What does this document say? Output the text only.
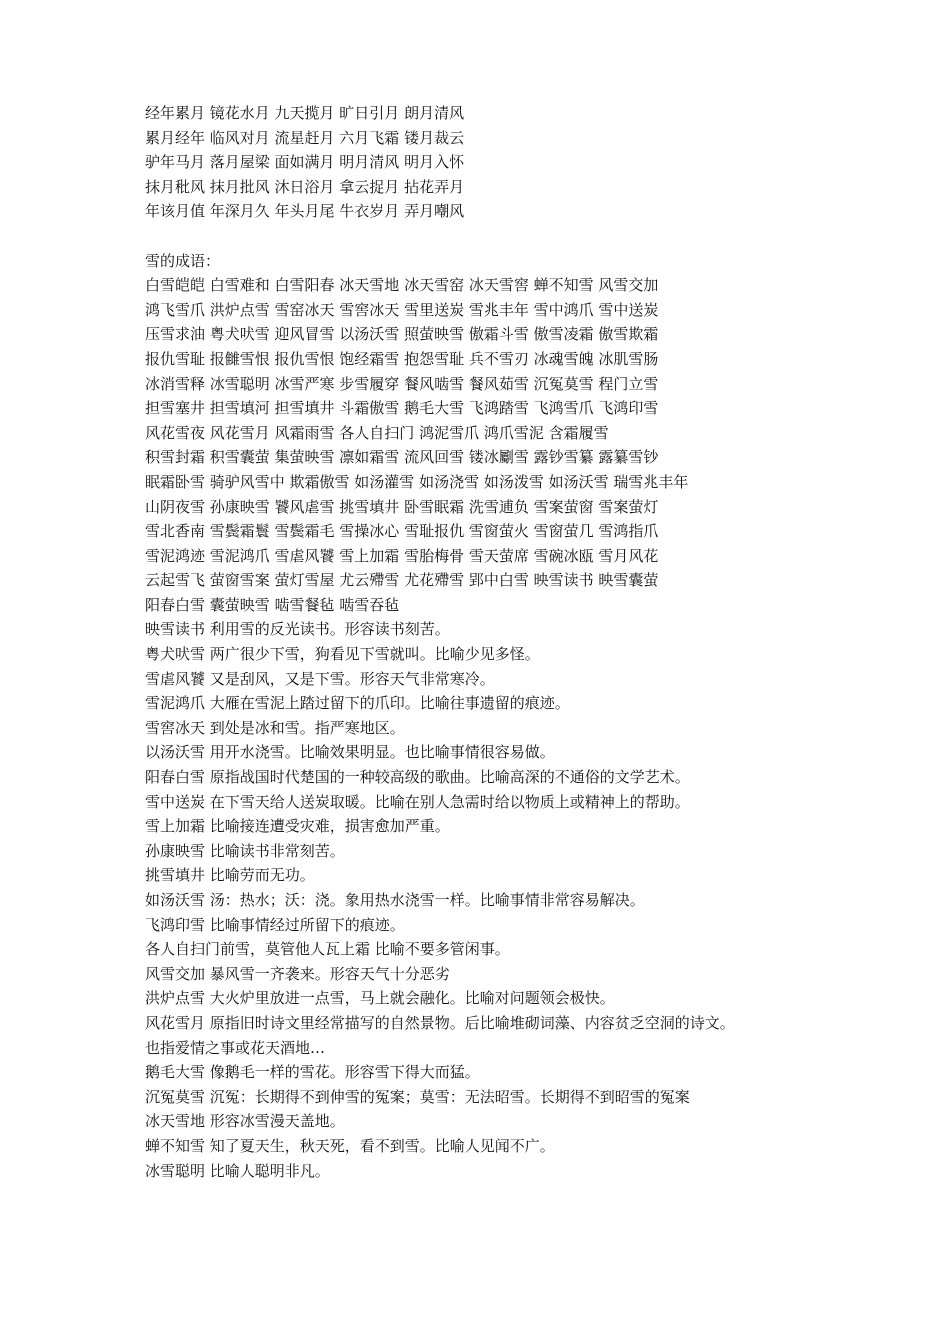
经年累月 镜花水月 九天揽月 旷日引月 朗月清风
累月经年 临风对月 流星赶月 六月飞霜 镂月裁云
驴年马月 落月屋梁 面如满月 明月清风 明月入怀
抹月秕风 抹月批风 沐日浴月 拿云捉月 拈花弄月
年该月值 年深月久 年头月尾 牛衣岁月 弄月嘲风
雪的成语：
白雪皑皑 白雪难和 白雪阳春 冰天雪地 冰天雪窑 冰天雪窖 蝉不知雪 风雪交加
鸿飞雪爪 洪炉点雪 雪窑冰天 雪窖冰天 雪里送炭 雪兆丰年 雪中鸿爪 雪中送炭
压雪求油 粤犬吠雪 迎风冒雪 以汤沃雪 照萤映雪 傲霜斗雪 傲雪凌霜 傲雪欺霜
报仇雪耻 报雠雪恨 报仇雪恨 饱经霜雪 抱怨雪耻 兵不雪刃 冰魂雪魄 冰肌雪肠
冰消雪释 冰雪聪明 冰雪严寒 步雪履穿 餐风啮雪 餐风茹雪 沉冤莫雪 程门立雪
担雪塞井 担雪填河 担雪填井 斗霜傲雪 鹅毛大雪 飞鸿踏雪 飞鸿雪爪 飞鸿印雪
风花雪夜 风花雪月 风霜雨雪 各人自扫门 鸿泥雪爪 鸿爪雪泥 含霜履雪
积雪封霜 积雪囊萤 集萤映雪 凛如霜雪 流风回雪 镂冰劚雪 露钞雪纂 露纂雪钞
眠霜卧雪 骑驴风雪中 欺霜傲雪 如汤灌雪 如汤浇雪 如汤泼雪 如汤沃雪 瑞雪兆丰年
山阴夜雪 孙康映雪 饕风虐雪 挑雪填井 卧雪眠霜 洗雪逋负 雪案萤窗 雪案萤灯
雪北香南 雪鬓霜鬟 雪鬓霜毛 雪操冰心 雪耻报仇 雪窗萤火 雪窗萤几 雪鸿指爪
雪泥鸿迹 雪泥鸿爪 雪虐风饕 雪上加霜 雪胎梅骨 雪天萤席 雪碗冰瓯 雪月风花
云起雪飞 萤窗雪案 萤灯雪屋 尤云殢雪 尤花殢雪 郢中白雪 映雪读书 映雪囊萤
阳春白雪 囊萤映雪 啮雪餐毡 啮雪吞毡
映雪读书 利用雪的反光读书。形容读书刻苦。
粤犬吠雪 两广很少下雪，狗看见下雪就叫。比喻少见多怪。
雪虐风饕 又是刮风，又是下雪。形容天气非常寒冷。
雪泥鸿爪 大雁在雪泥上踏过留下的爪印。比喻往事遗留的痕迹。
雪窖冰天 到处是冰和雪。指严寒地区。
以汤沃雪 用开水浇雪。比喻效果明显。也比喻事情很容易做。
阳春白雪 原指战国时代楚国的一种较高级的歌曲。比喻高深的不通俗的文学艺术。
雪中送炭 在下雪天给人送炭取暖。比喻在别人急需时给以物质上或精神上的帮助。
雪上加霜 比喻接连遭受灾难，损害愈加严重。
孙康映雪 比喻读书非常刻苦。
挑雪填井 比喻劳而无功。
如汤沃雪 汤：热水；沃：浇。象用热水浇雪一样。比喻事情非常容易解决。
飞鸿印雪 比喻事情经过所留下的痕迹。
各人自扫门前雪，莫管他人瓦上霜 比喻不要多管闲事。
风雪交加 暴风雪一齐袭来。形容天气十分恶劣
洪炉点雪 大火炉里放进一点雪，马上就会融化。比喻对问题领会极快。
风花雪月 原指旧时诗文里经常描写的自然景物。后比喻堆砌词藻、内容贫乏空洞的诗文。
也指爱情之事或花天酒地…
鹅毛大雪 像鹅毛一样的雪花。形容雪下得大而猛。
沉冤莫雪 沉冤：长期得不到伸雪的冤案；莫雪：无法昭雪。长期得不到昭雪的冤案
冰天雪地 形容冰雪漫天盖地。
蝉不知雪 知了夏天生，秋天死，看不到雪。比喻人见闻不广。
冰雪聪明 比喻人聪明非凡。
